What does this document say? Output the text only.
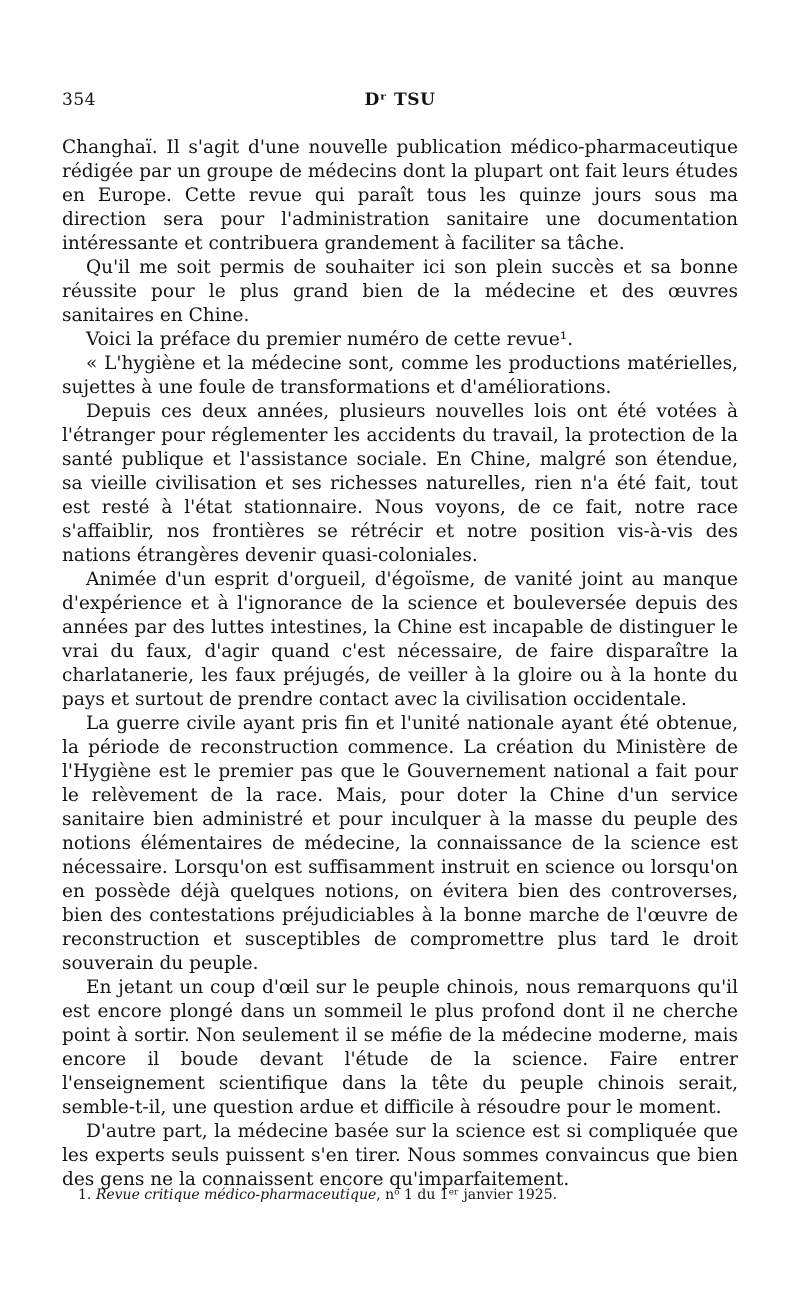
354	Dʳ TSU

Changhaï. Il s'agit d'une nouvelle publication médico-pharmaceutique rédigée par un groupe de médecins dont la plupart ont fait leurs études en Europe. Cette revue qui paraît tous les quinze jours sous ma direction sera pour l'administration sanitaire une documentation intéressante et contribuera grandement à faciliter sa tâche.

Qu'il me soit permis de souhaiter ici son plein succès et sa bonne réussite pour le plus grand bien de la médecine et des œuvres sanitaires en Chine.

Voici la préface du premier numéro de cette revue¹.

« L'hygiène et la médecine sont, comme les productions matérielles, sujettes à une foule de transformations et d'améliorations.

Depuis ces deux années, plusieurs nouvelles lois ont été votées à l'étranger pour réglementer les accidents du travail, la protection de la santé publique et l'assistance sociale. En Chine, malgré son étendue, sa vieille civilisation et ses richesses naturelles, rien n'a été fait, tout est resté à l'état stationnaire. Nous voyons, de ce fait, notre race s'affaiblir, nos frontières se rétrécir et notre position vis-à-vis des nations étrangères devenir quasi-coloniales.

Animée d'un esprit d'orgueil, d'égoïsme, de vanité joint au manque d'expérience et à l'ignorance de la science et bouleversée depuis des années par des luttes intestines, la Chine est incapable de distinguer le vrai du faux, d'agir quand c'est nécessaire, de faire disparaître la charlatanerie, les faux préjugés, de veiller à la gloire ou à la honte du pays et surtout de prendre contact avec la civilisation occidentale.

La guerre civile ayant pris fin et l'unité nationale ayant été obtenue, la période de reconstruction commence. La création du Ministère de l'Hygiène est le premier pas que le Gouvernement national a fait pour le relèvement de la race. Mais, pour doter la Chine d'un service sanitaire bien administré et pour inculquer à la masse du peuple des notions élémentaires de médecine, la connaissance de la science est nécessaire. Lorsqu'on est suffisamment instruit en science ou lorsqu'on en possède déjà quelques notions, on évitera bien des controverses, bien des contestations préjudiciables à la bonne marche de l'œuvre de reconstruction et susceptibles de compromettre plus tard le droit souverain du peuple.

En jetant un coup d'œil sur le peuple chinois, nous remarquons qu'il est encore plongé dans un sommeil le plus profond dont il ne cherche point à sortir. Non seulement il se méfie de la médecine moderne, mais encore il boude devant l'étude de la science. Faire entrer l'enseignement scientifique dans la tête du peuple chinois serait, semble-t-il, une question ardue et difficile à résoudre pour le moment.

D'autre part, la médecine basée sur la science est si compliquée que les experts seuls puissent s'en tirer. Nous sommes convaincus que bien des gens ne la connaissent encore qu'imparfaitement.

1. Revue critique médico-pharmaceutique, nᵒ 1 du 1ᵉʳ janvier 1925.
